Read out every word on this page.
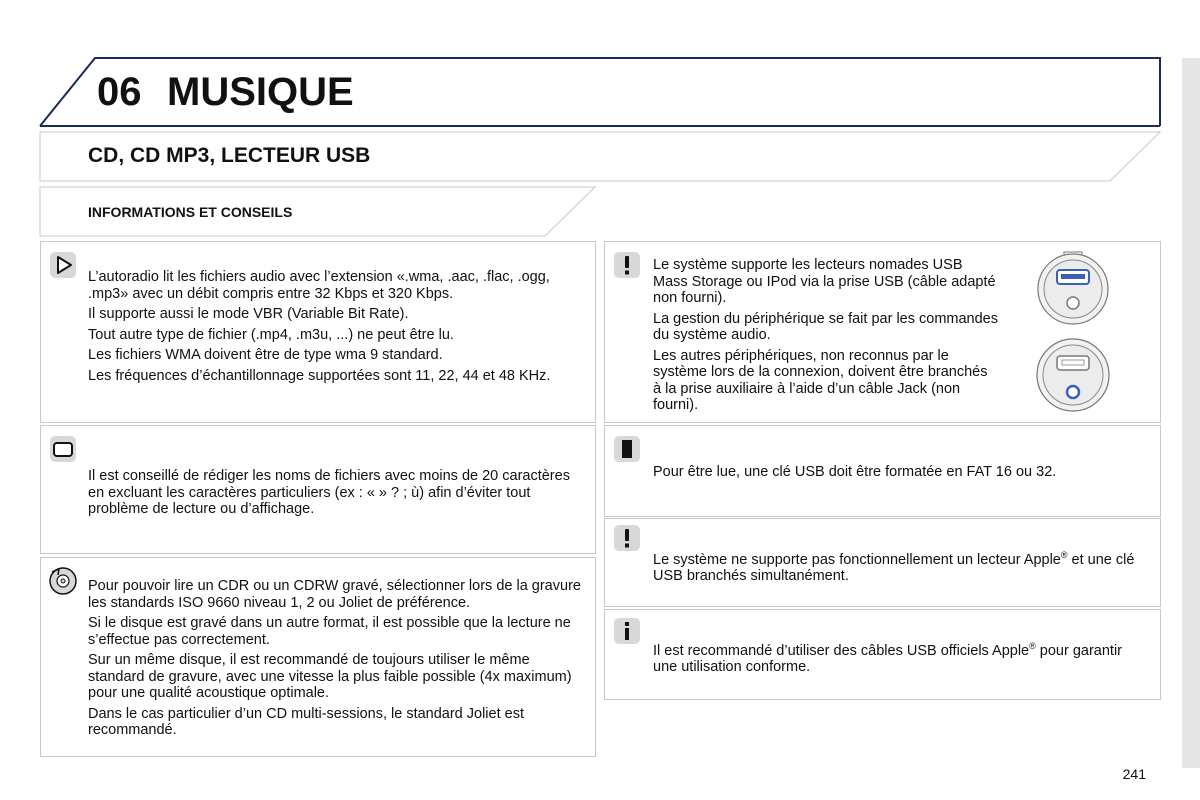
06 MUSIQUE
CD, CD MP3, LECTEUR USB
INFORMATIONS ET CONSEILS

L’autoradio lit les fichiers audio avec l’extension «.wma, .aac, .flac, .ogg, .mp3» avec un débit compris entre 32 Kbps et 320 Kbps.

Il supporte aussi le mode VBR (Variable Bit Rate).

Tout autre type de fichier (.mp4, .m3u, ...) ne peut être lu.

Les fichiers WMA doivent être de type wma 9 standard.

Les fréquences d’échantillonnage supportées sont 11, 22, 44 et 48 KHz.

Il est conseillé de rédiger les noms de fichiers avec moins de 20 caractères en excluant les caractères particuliers (ex : « » ? ; ù) afin d’éviter tout problème de lecture ou d’affichage.

Pour pouvoir lire un CDR ou un CDRW gravé, sélectionner lors de la gravure les standards ISO 9660 niveau 1, 2 ou Joliet de préférence.

Si le disque est gravé dans un autre format, il est possible que la lecture ne s’effectue pas correctement.

Sur un même disque, il est recommandé de toujours utiliser le même standard de gravure, avec une vitesse la plus faible possible (4x maximum) pour une qualité acoustique optimale.

Dans le cas particulier d’un CD multi-sessions, le standard Joliet est recommandé.

Le système supporte les lecteurs nomades USB Mass Storage ou IPod via la prise USB (câble adapté non fourni).

La gestion du périphérique se fait par les commandes du système audio.

Les autres périphériques, non reconnus par le système lors de la connexion, doivent être branchés à la prise auxiliaire à l’aide d’un câble Jack (non fourni).

Pour être lue, une clé USB doit être formatée en FAT 16 ou 32.

Le système ne supporte pas fonctionnellement un lecteur Apple® et une clé USB branchés simultanément.

Il est recommandé d’utiliser des câbles USB officiels Apple® pour garantir une utilisation conforme.

241
